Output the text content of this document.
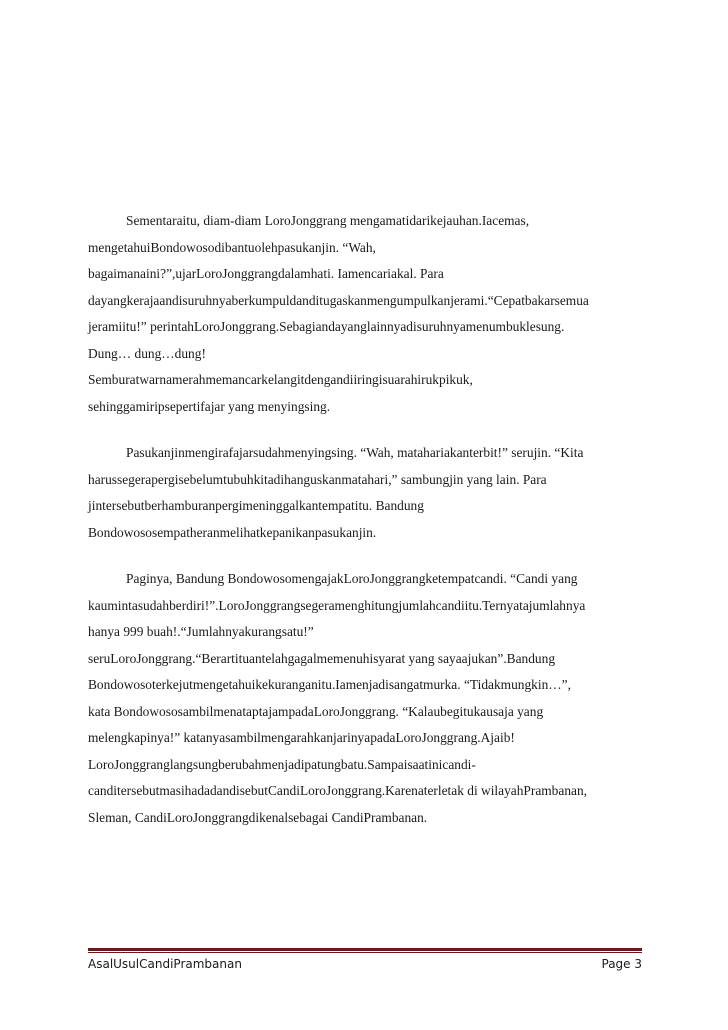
Sementaraitu, diam-diam LoroJonggrang mengamatidarikejauhan.Iacemas,
mengetahuiBondowosodibantuolehpasukanjin. “Wah,
bagaimanaini?”,ujarLoroJonggrangdalamhati. Iamencariakal. Para
dayangkerajaandisuruhnyaberkumpuldanditugaskanmengumpulkanjerami.“Cepatbakarsemua
jeramiitu!” perintahLoroJonggrang.Sebagiandayanglainnyadisuruhnyamenumbuklesung.
Dung… dung…dung!
Semburatwarnamerahmemancarkelangitdengandiiringisuarahirukpikuk,
sehinggamiripsepertifajar yang menyingsing.
Pasukanjinmengirafajarsudahmenyingsing. “Wah, matahariakanterbit!” serujin. “Kita
harussegerapergisebelumtubuhkitadihanguskanmatahari,” sambungjin yang lain. Para
jintersebutberhamburanpergimeninggalkantempatitu. Bandung
Bondowososempatheranmelihatkepanikanpasukanjin.
Paginya, Bandung BondowosomengajakLoroJonggrangketempatcandi. “Candi yang
kaumintasudahberdiri!”.LoroJonggrangsegeramenghitungjumlahcandiitu.Ternyatajumlahnya
hanya 999 buah!.“Jumlahnyakurangsatu!”
seruLoroJonggrang.“Berartituantelahgagalmemenuhisyarat yang sayaajukan”.Bandung
Bondowosoterkejutmengetahuikekuranganitu.Iamenjadisangatmurka. “Tidakmungkin…”,
kata BondowososambilmenataptajampadaLoroJonggrang. “Kalaubegitukausaja yang
melengkapinya!” katanyasambilmengarahkanjarinyapadaLoroJonggrang.Ajaib!
LoroJonggranglangsungberubahmenjadipatungbatu.Sampaisaatinicandi-
canditersebutmasihadadandisebutCandiLoroJonggrang.Karenaterletak di wilayahPrambanan,
Sleman, CandiLoroJonggrangdikenalsebagai CandiPrambanan.
AsalUsulCandiPrambanan	Page 3
